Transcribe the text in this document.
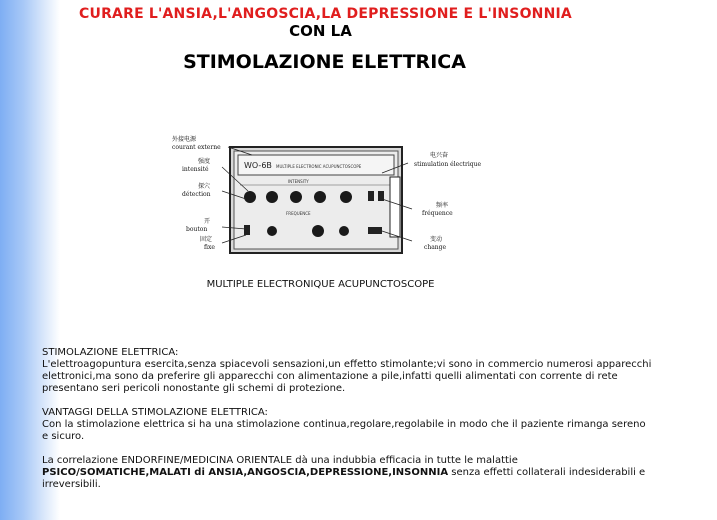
CURARE L'ANSIA,L'ANGOSCIA,LA DEPRESSIONE E L'INSONNIA
CON LA
STIMOLAZIONE ELETTRICA
WO-6B MULTIPLE ELECTRONIC ACUPUNCTOSCOPE
INTENSITY
FREQUENCE
外接电源
courant externe
强度
intensité
探穴
détection
开
bouton
固定
fixe
电兴奋
stimulation électrique
频率
fréquence
变动
change
MULTIPLE ELECTRONIQUE ACUPUNCTOSCOPE
STIMOLAZIONE ELETTRICA:
L'elettroagopuntura esercita,senza spiacevoli sensazioni,un effetto stimolante;vi sono in commercio numerosi apparecchi elettronici,ma sono da preferire gli apparecchi con alimentazione a pile,infatti quelli alimentati con corrente di rete presentano seri pericoli nonostante gli schemi di protezione.
VANTAGGI DELLA STIMOLAZIONE ELETTRICA:
Con la stimolazione elettrica si ha una stimolazione continua,regolare,regolabile in modo che il paziente rimanga sereno e sicuro.
La correlazione ENDORFINE/MEDICINA ORIENTALE dà una indubbia efficacia in tutte le malattie PSICO/SOMATICHE,MALATI di ANSIA,ANGOSCIA,DEPRESSIONE,INSONNIA senza effetti collaterali indesiderabili e irreversibili.
